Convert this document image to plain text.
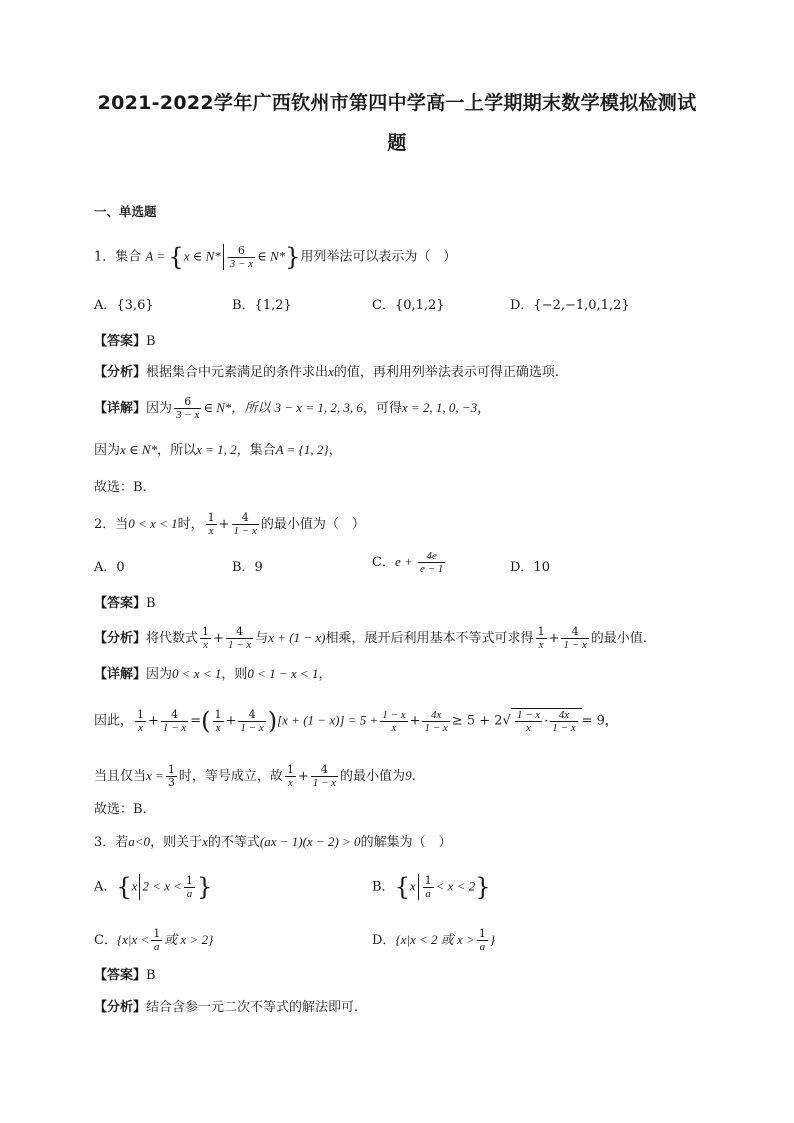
2021-2022学年广西钦州市第四中学高一上学期期末数学模拟检测试
题
一、单选题
1．集合 A = {x ∈ $N* \frac{6}{3 - x}$ ∈ N*}用列举法可以表示为（　）
A．{3,6}	B．{1,2}	C．{0,1,2}	D．{−2,−1,0,1,2}
【答案】B
【分析】根据集合中元素满足的条件求出x的值，再利用列举法表示可得正确选项.
【详解】因为 $\frac{6}{3 - x}$ ∈ N*，所以 3 − x = 1, 2, 3, 6，可得x = 2, 1, 0, −3，
因为x ∈ N*，所以x = 1, 2，集合A = {1, 2}，
故选：B.
2．当0 < x < 1时， $\frac{1}{x} + \frac{4}{1 - x}$ 的最小值为（　）
A．0	B．9	C．$e + \frac{4e}{e - 1}$	D．10
【答案】B
【分析】将代数式 $\frac{1}{x} + \frac{4}{1 - x}$ 与x + (1 − x)相乘，展开后利用基本不等式可求得 $\frac{1}{x} + \frac{4}{1 - x}$ 的最小值.
【详解】因为0 < x < 1，则0 < 1 − x < 1，
因此， $\frac{1}{x} + \frac{4}{1 - x}$ =( $\frac{1}{x} + \frac{4}{1 - x} )[x + (1 - x)] = 5 + \frac{1 - x}{x} + \frac{4x}{1 - x} \ge 5 + 2√ \frac{1 - x}{x} \cdot \frac{4x}{1 - x} = 9$，
当且仅当$x = \frac{1}{3}$ 时，等号成立，故 $\frac{1}{x} + \frac{4}{1 - x}$ 的最小值为9.
故选：B.
3．若a<0，则关于x的不等式(ax − 1)(x − 2) > 0的解集为（　）
A．{x $2 < x < \frac{1}{a}$ }	B．$\{x \frac{1}{a} < x < 2\}$
C．{$x|x < \frac{1}{a}$ 或 x > 2}	D．{x|x < 2 或 $x > \frac{1}{a}$ }
【答案】B
【分析】结合含参一元二次不等式的解法即可.
